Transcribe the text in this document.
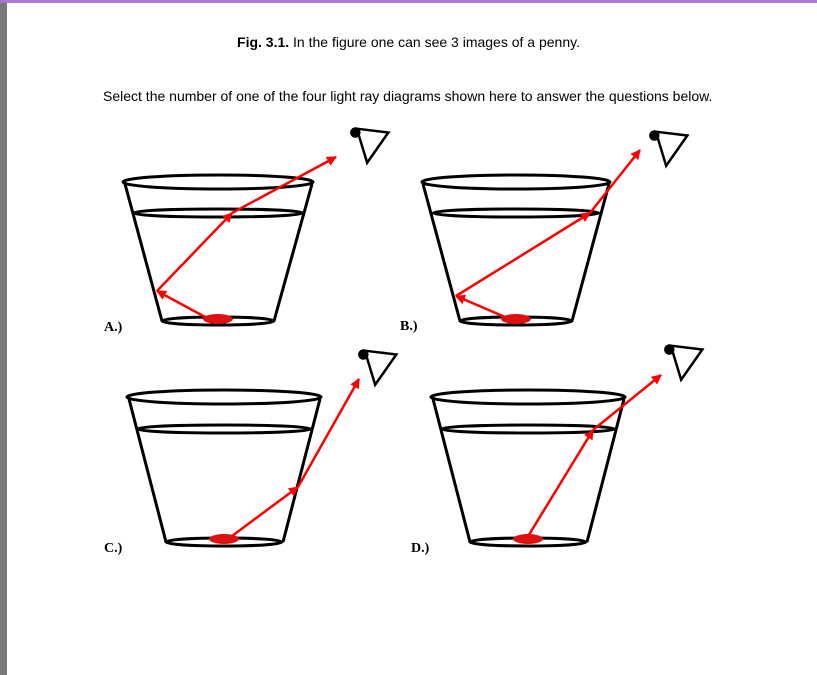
Fig. 3.1. In the figure one can see 3 images of a penny.
Select the number of one of the four light ray diagrams shown here to answer the questions below.
A.)	B.)
C.)	D.)
